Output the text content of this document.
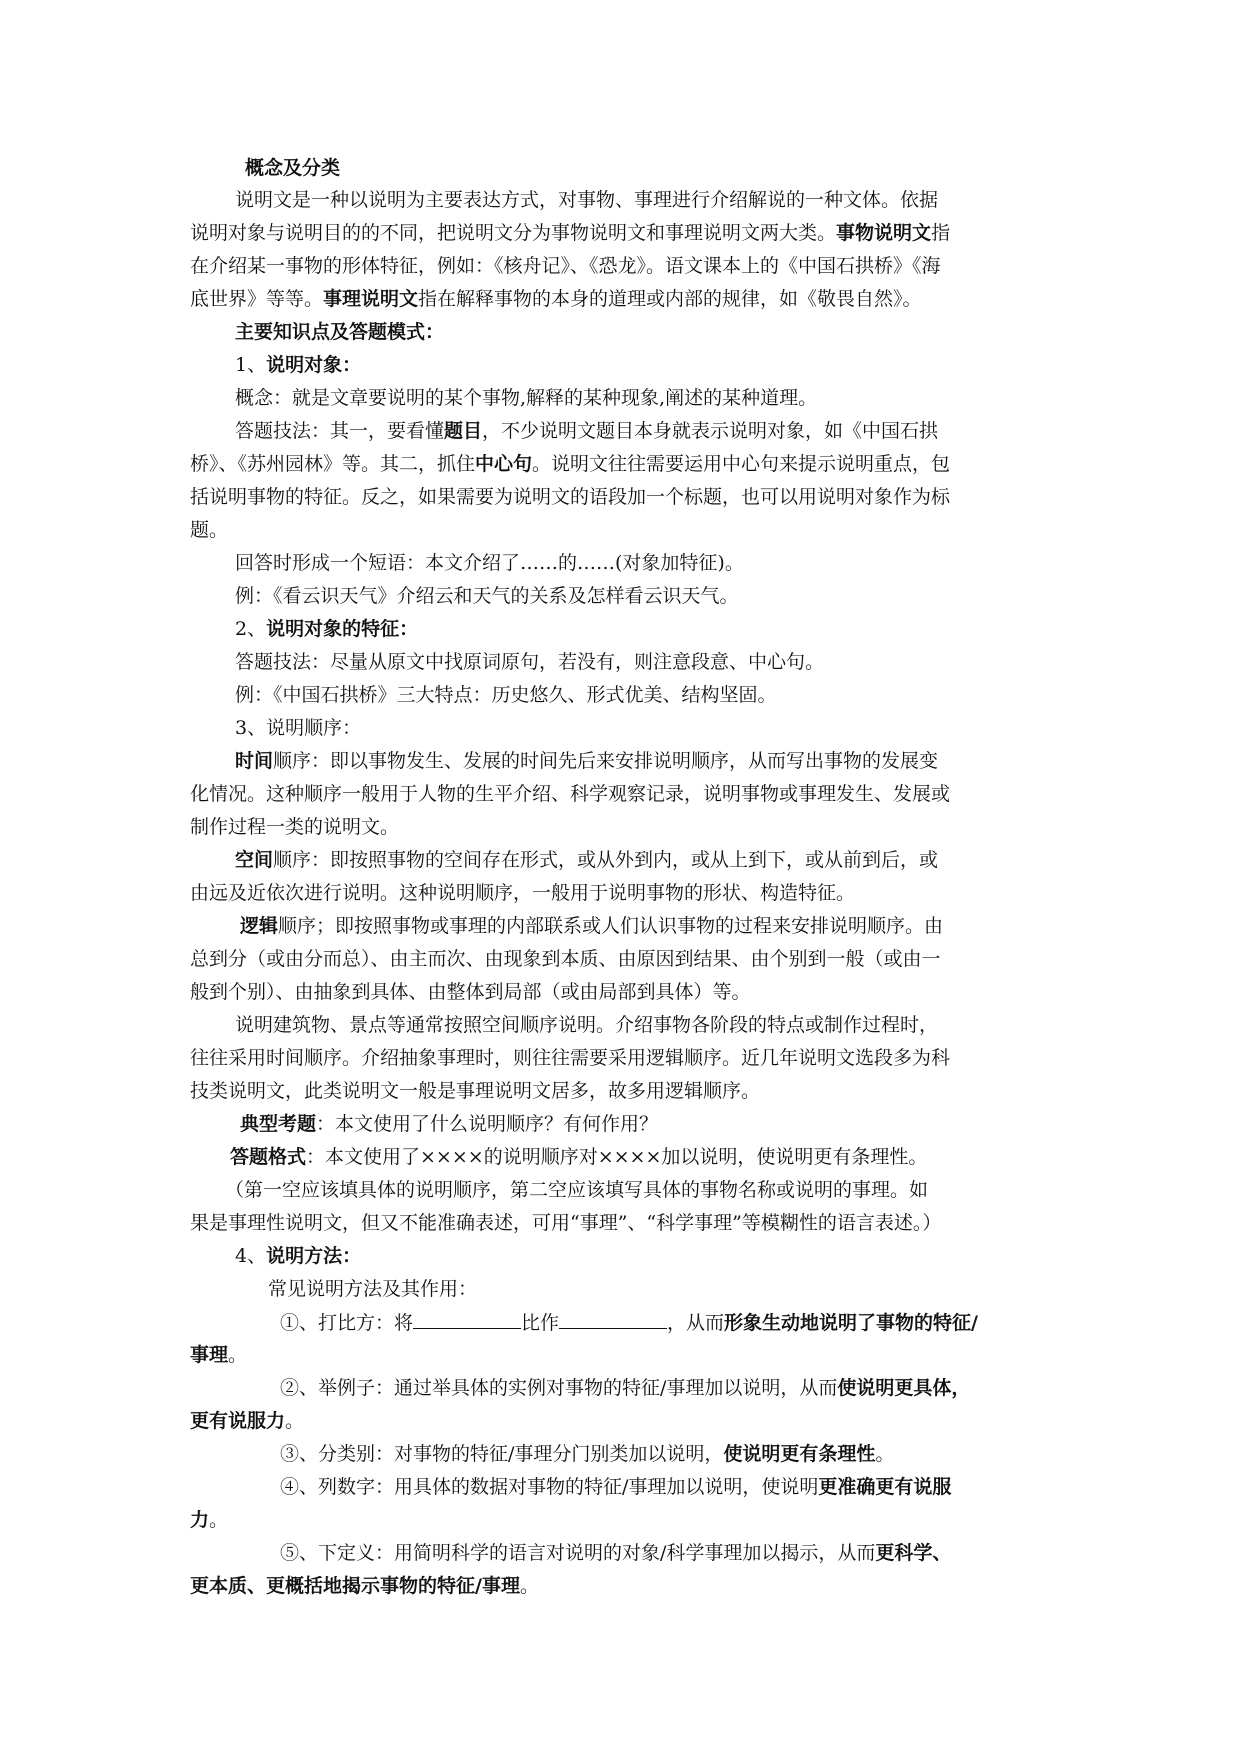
概念及分类
说明文是一种以说明为主要表达方式，对事物、事理进行介绍解说的一种文体。依据
说明对象与说明目的的不同，把说明文分为事物说明文和事理说明文两大类。事物说明文指
在介绍某一事物的形体特征，例如：《核舟记》、《恐龙》。语文课本上的《中国石拱桥》《海
底世界》等等。事理说明文指在解释事物的本身的道理或内部的规律，如《敬畏自然》。
主要知识点及答题模式：
1、说明对象：
概念：就是文章要说明的某个事物,解释的某种现象,阐述的某种道理。
答题技法：其一，要看懂题目，不少说明文题目本身就表示说明对象，如《中国石拱
桥》、《苏州园林》等。其二，抓住中心句。说明文往往需要运用中心句来提示说明重点，包
括说明事物的特征。反之，如果需要为说明文的语段加一个标题，也可以用说明对象作为标
题。
回答时形成一个短语：本文介绍了……的……(对象加特征)。
例：《看云识天气》介绍云和天气的关系及怎样看云识天气。
2、说明对象的特征：
答题技法：尽量从原文中找原词原句，若没有，则注意段意、中心句。
例：《中国石拱桥》三大特点：历史悠久、形式优美、结构坚固。
3、说明顺序：
时间顺序：即以事物发生、发展的时间先后来安排说明顺序，从而写出事物的发展变
化情况。这种顺序一般用于人物的生平介绍、科学观察记录，说明事物或事理发生、发展或
制作过程一类的说明文。
空间顺序：即按照事物的空间存在形式，或从外到内，或从上到下，或从前到后，或
由远及近依次进行说明。这种说明顺序，一般用于说明事物的形状、构造特征。
逻辑顺序；即按照事物或事理的内部联系或人们认识事物的过程来安排说明顺序。由
总到分（或由分而总）、由主而次、由现象到本质、由原因到结果、由个别到一般（或由一
般到个别）、由抽象到具体、由整体到局部（或由局部到具体）等。
说明建筑物、景点等通常按照空间顺序说明。介绍事物各阶段的特点或制作过程时，
往往采用时间顺序。介绍抽象事理时，则往往需要采用逻辑顺序。近几年说明文选段多为科
技类说明文，此类说明文一般是事理说明文居多，故多用逻辑顺序。
典型考题：本文使用了什么说明顺序？有何作用？
答题格式：本文使用了××××的说明顺序对××××加以说明，使说明更有条理性。
（第一空应该填具体的说明顺序，第二空应该填写具体的事物名称或说明的事理。如
果是事理性说明文，但又不能准确表述，可用“事理”、“科学事理”等模糊性的语言表述。）
4、说明方法：
常见说明方法及其作用：
①、打比方：将	比作	，从而形象生动地说明了事物的特征/
事理。
②、举例子：通过举具体的实例对事物的特征/事理加以说明，从而使说明更具体，
更有说服力。
③、分类别：对事物的特征/事理分门别类加以说明，使说明更有条理性。
④、列数字：用具体的数据对事物的特征/事理加以说明，使说明更准确更有说服
力。
⑤、下定义：用简明科学的语言对说明的对象/科学事理加以揭示，从而更科学、
更本质、更概括地揭示事物的特征/事理。
